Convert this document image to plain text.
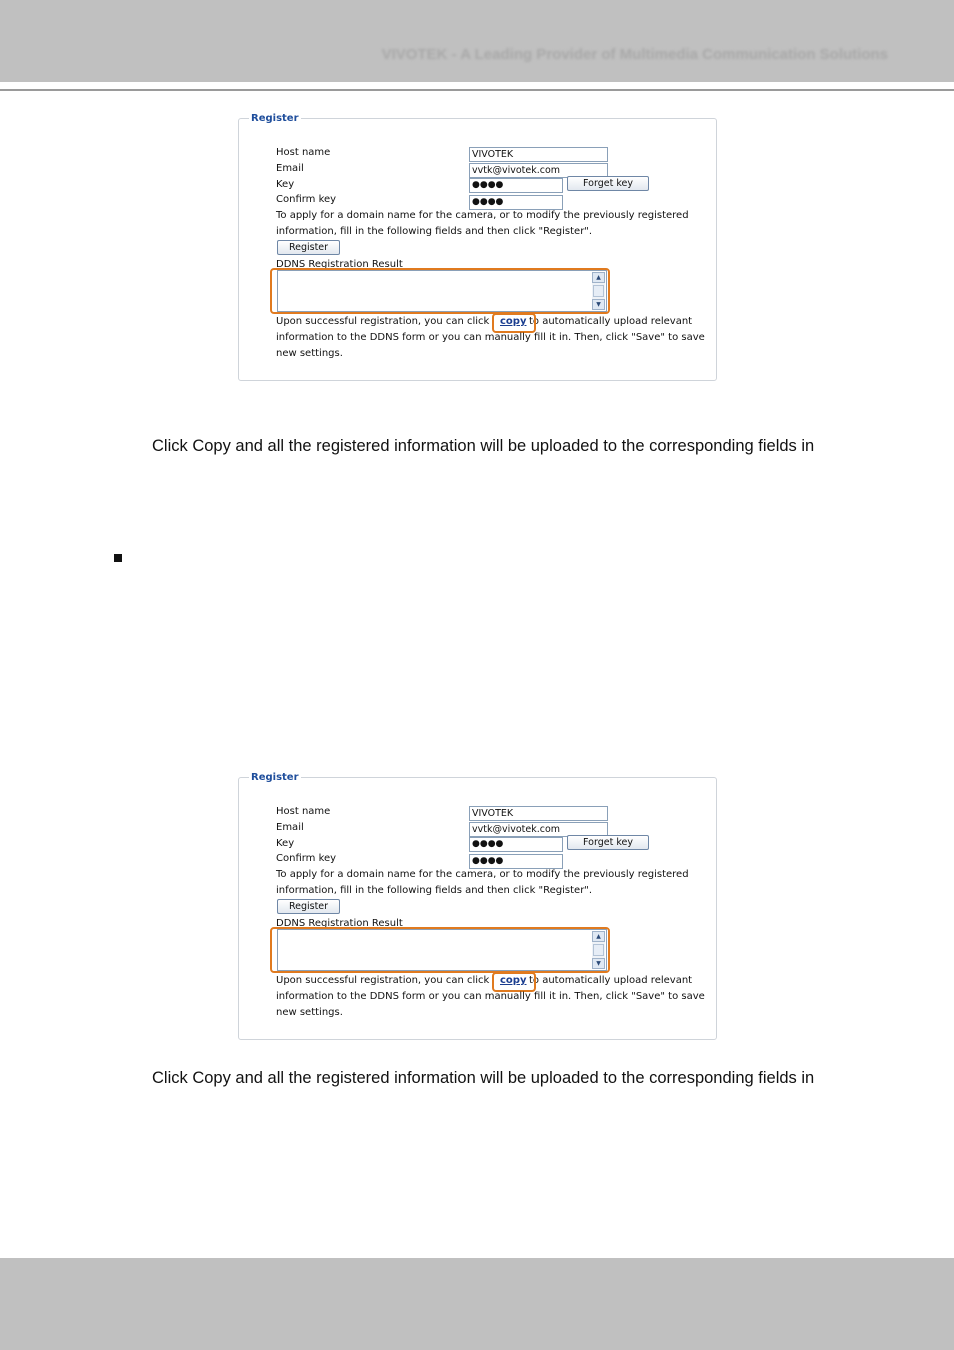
VIVOTEK - A Leading Provider of Multimedia Communication Solutions
Register
Host name
Email
Key
Confirm key
VIVOTEK
vvtk@vivotek.com
●●●●	Forget key
●●●●
To apply for a domain name for the camera, or to modify the previously registered
information, fill in the following fields and then click "Register".
Register
DDNS Registration Result
▲
▼
Upon successful registration, you can click copy to automatically upload relevant
information to the DDNS form or you can manually fill it in. Then, click "Save" to save
new settings.
Click Copy and all the registered information will be uploaded to the corresponding fields in
Register
Host name
Email
Key
Confirm key
VIVOTEK
vvtk@vivotek.com
●●●●	Forget key
●●●●
To apply for a domain name for the camera, or to modify the previously registered
information, fill in the following fields and then click "Register".
Register
DDNS Registration Result
▲
▼
Upon successful registration, you can click copy to automatically upload relevant
information to the DDNS form or you can manually fill it in. Then, click "Save" to save
new settings.
Click Copy and all the registered information will be uploaded to the corresponding fields in
